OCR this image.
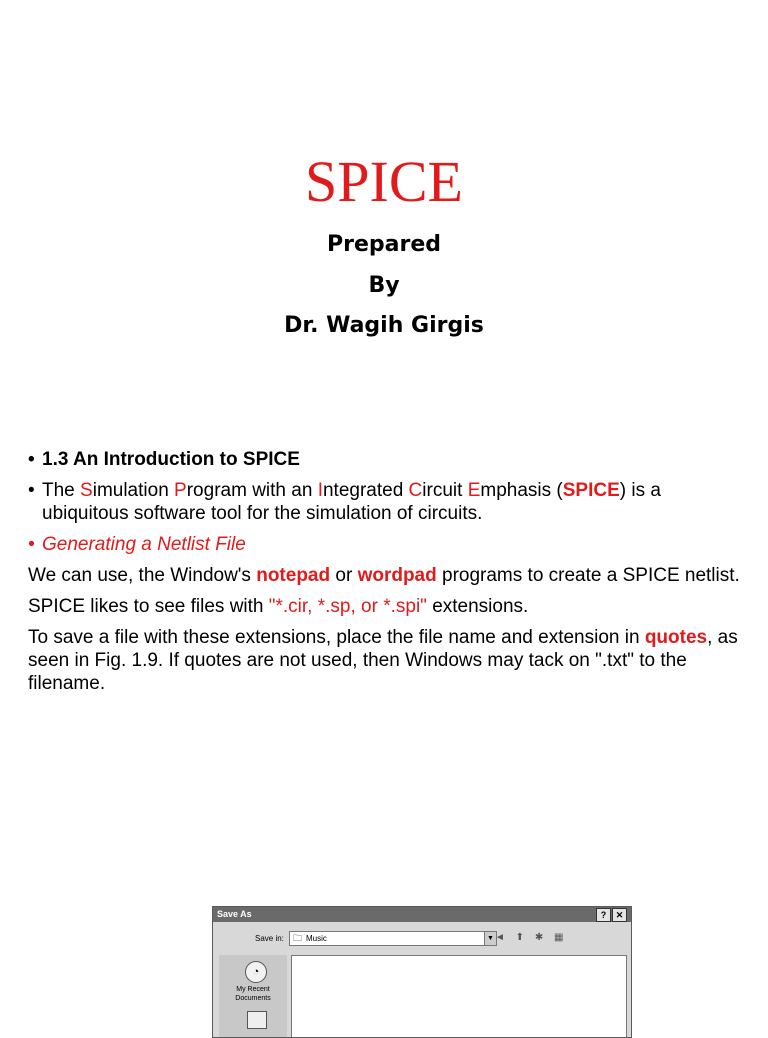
SPICE
Prepared
By
Dr. Wagih Girgis
• 1.3 An Introduction to SPICE
• The Simulation Program with an Integrated Circuit Emphasis (SPICE) is a ubiquitous software tool for the simulation of circuits.
• Generating a Netlist File

We can use, the Window's notepad or wordpad programs to create a SPICE netlist.

SPICE likes to see files with "*.cir, *.sp, or *.spi" extensions.

To save a file with these extensions, place the file name and extension in quotes, as seen in Fig. 1.9. If quotes are not used, then Windows may tack on ".txt" to the filename.

Save As	?	✕
Save in: 🗀 Music	▼ ◄ ⬆ ✱ ▦
◔
My Recent Documents
